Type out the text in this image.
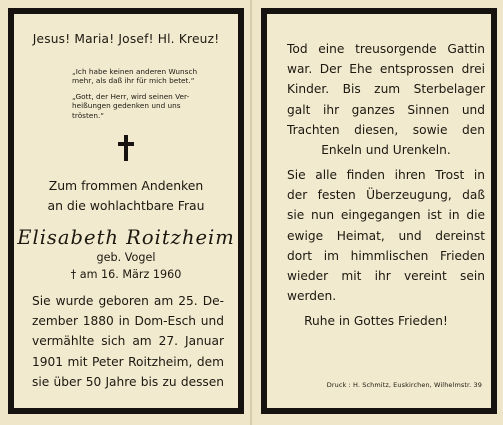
Jesus! Maria! Josef! Hl. Kreuz!
„Ich habe keinen anderen Wunsch
mehr, als daß ihr für mich betet.“
„Gott, der Herr, wird seinen Ver-
heißungen gedenken und uns
trösten.“
Zum frommen Andenken
an die wohlachtbare Frau
Elisabeth Roitzheim
geb. Vogel
† am 16. März 1960
Sie wurde geboren am 25. De-
zember 1880 in Dom-Esch und
vermählte sich am 27. Januar
1901 mit Peter Roitzheim, dem
sie über 50 Jahre bis zu dessen
Tod eine treusorgende Gattin
war. Der Ehe entsprossen drei
Kinder. Bis zum Sterbelager
galt ihr ganzes Sinnen und
Trachten diesen, sowie den
Enkeln und Urenkeln.
Sie alle finden ihren Trost in
der festen Überzeugung, daß
sie nun eingegangen ist in die
ewige Heimat, und dereinst
dort im himmlischen Frieden
wieder mit ihr vereint sein
werden.
Ruhe in Gottes Frieden!
Druck : H. Schmitz, Euskirchen, Wilhelmstr. 39
